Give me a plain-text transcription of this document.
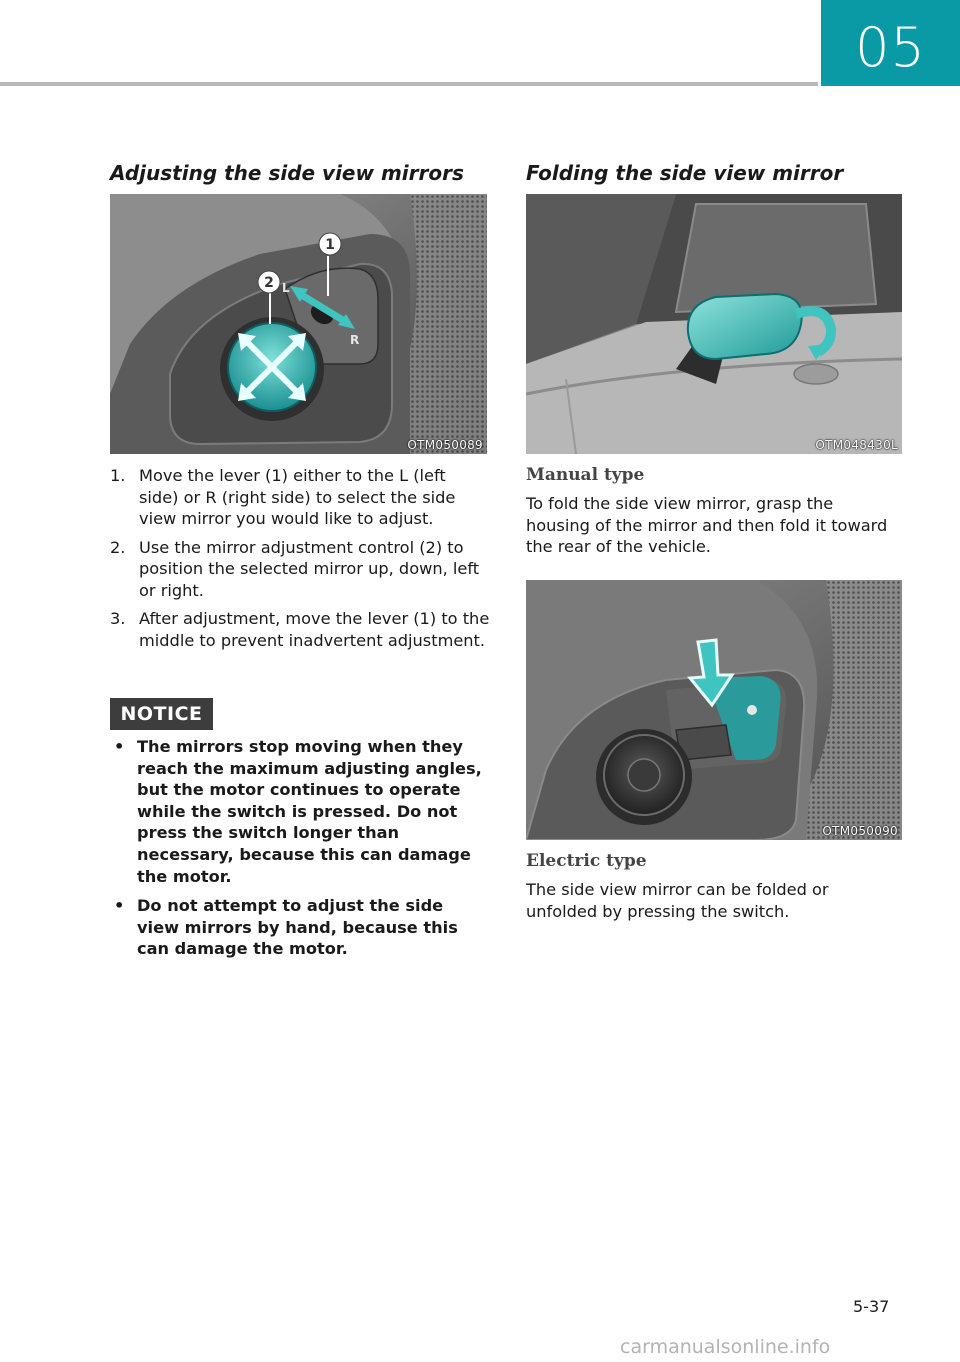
05
Adjusting the side view mirrors
L
R
1
2
OTM050089
1. Move the lever (1) either to the L (left side) or R (right side) to select the side view mirror you would like to adjust.
2. Use the mirror adjustment control (2) to position the selected mirror up, down, left or right.
3. After adjustment, move the lever (1) to the middle to prevent inadvertent adjustment.
NOTICE
• The mirrors stop moving when they reach the maximum adjusting angles, but the motor continues to operate while the switch is pressed. Do not press the switch longer than necessary, because this can damage the motor.
• Do not attempt to adjust the side view mirrors by hand, because this can damage the motor.
Folding the side view mirror
OTM048430L
Manual type
To fold the side view mirror, grasp the housing of the mirror and then fold it toward the rear of the vehicle.
OTM050090
Electric type
The side view mirror can be folded or unfolded by pressing the switch.
5-37
carmanualsonline.info
